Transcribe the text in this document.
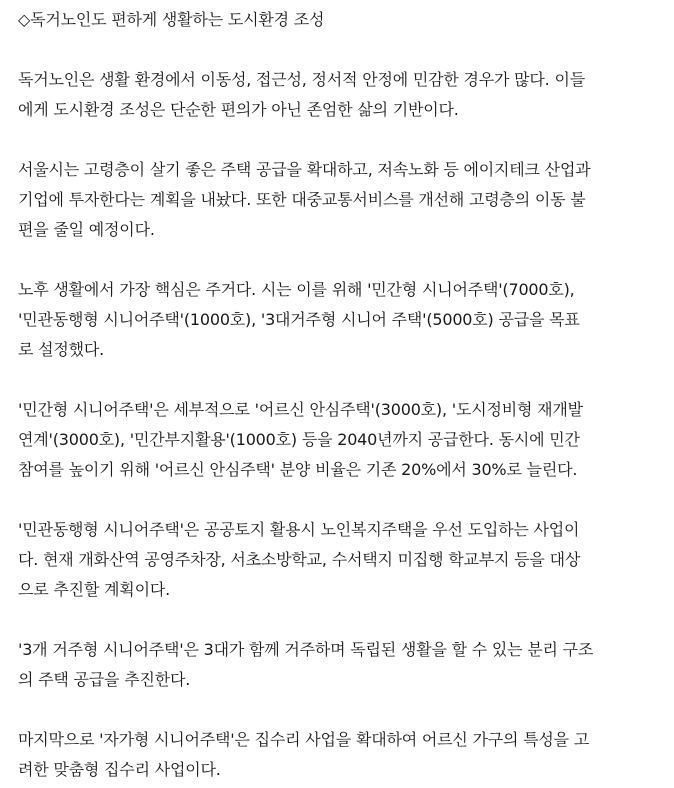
◇독거노인도 편하게 생활하는 도시환경 조성
독거노인은 생활 환경에서 이동성, 접근성, 정서적 안정에 민감한 경우가 많다. 이들
에게 도시환경 조성은 단순한 편의가 아닌 존엄한 삶의 기반이다.
서울시는 고령층이 살기 좋은 주택 공급을 확대하고, 저속노화 등 에이지테크 산업과
기업에 투자한다는 계획을 내놨다. 또한 대중교통서비스를 개선해 고령층의 이동 불
편을 줄일 예정이다.
노후 생활에서 가장 핵심은 주거다. 시는 이를 위해 '민간형 시니어주택'(7000호),
'민관동행형 시니어주택'(1000호), '3대거주형 시니어 주택'(5000호) 공급을 목표
로 설정했다.
'민간형 시니어주택'은 세부적으로 '어르신 안심주택'(3000호), '도시정비형 재개발
연계'(3000호), '민간부지활용'(1000호) 등을 2040년까지 공급한다. 동시에 민간
참여를 높이기 위해 '어르신 안심주택' 분양 비율은 기존 20%에서 30%로 늘린다.
'민관동행형 시니어주택'은 공공토지 활용시 노인복지주택을 우선 도입하는 사업이
다. 현재 개화산역 공영주차장, 서초소방학교, 수서택지 미집행 학교부지 등을 대상
으로 추진할 계획이다.
'3개 거주형 시니어주택'은 3대가 함께 거주하며 독립된 생활을 할 수 있는 분리 구조
의 주택 공급을 추진한다.
마지막으로 '자가형 시니어주택'은 집수리 사업을 확대하여 어르신 가구의 특성을 고
려한 맞춤형 집수리 사업이다.
